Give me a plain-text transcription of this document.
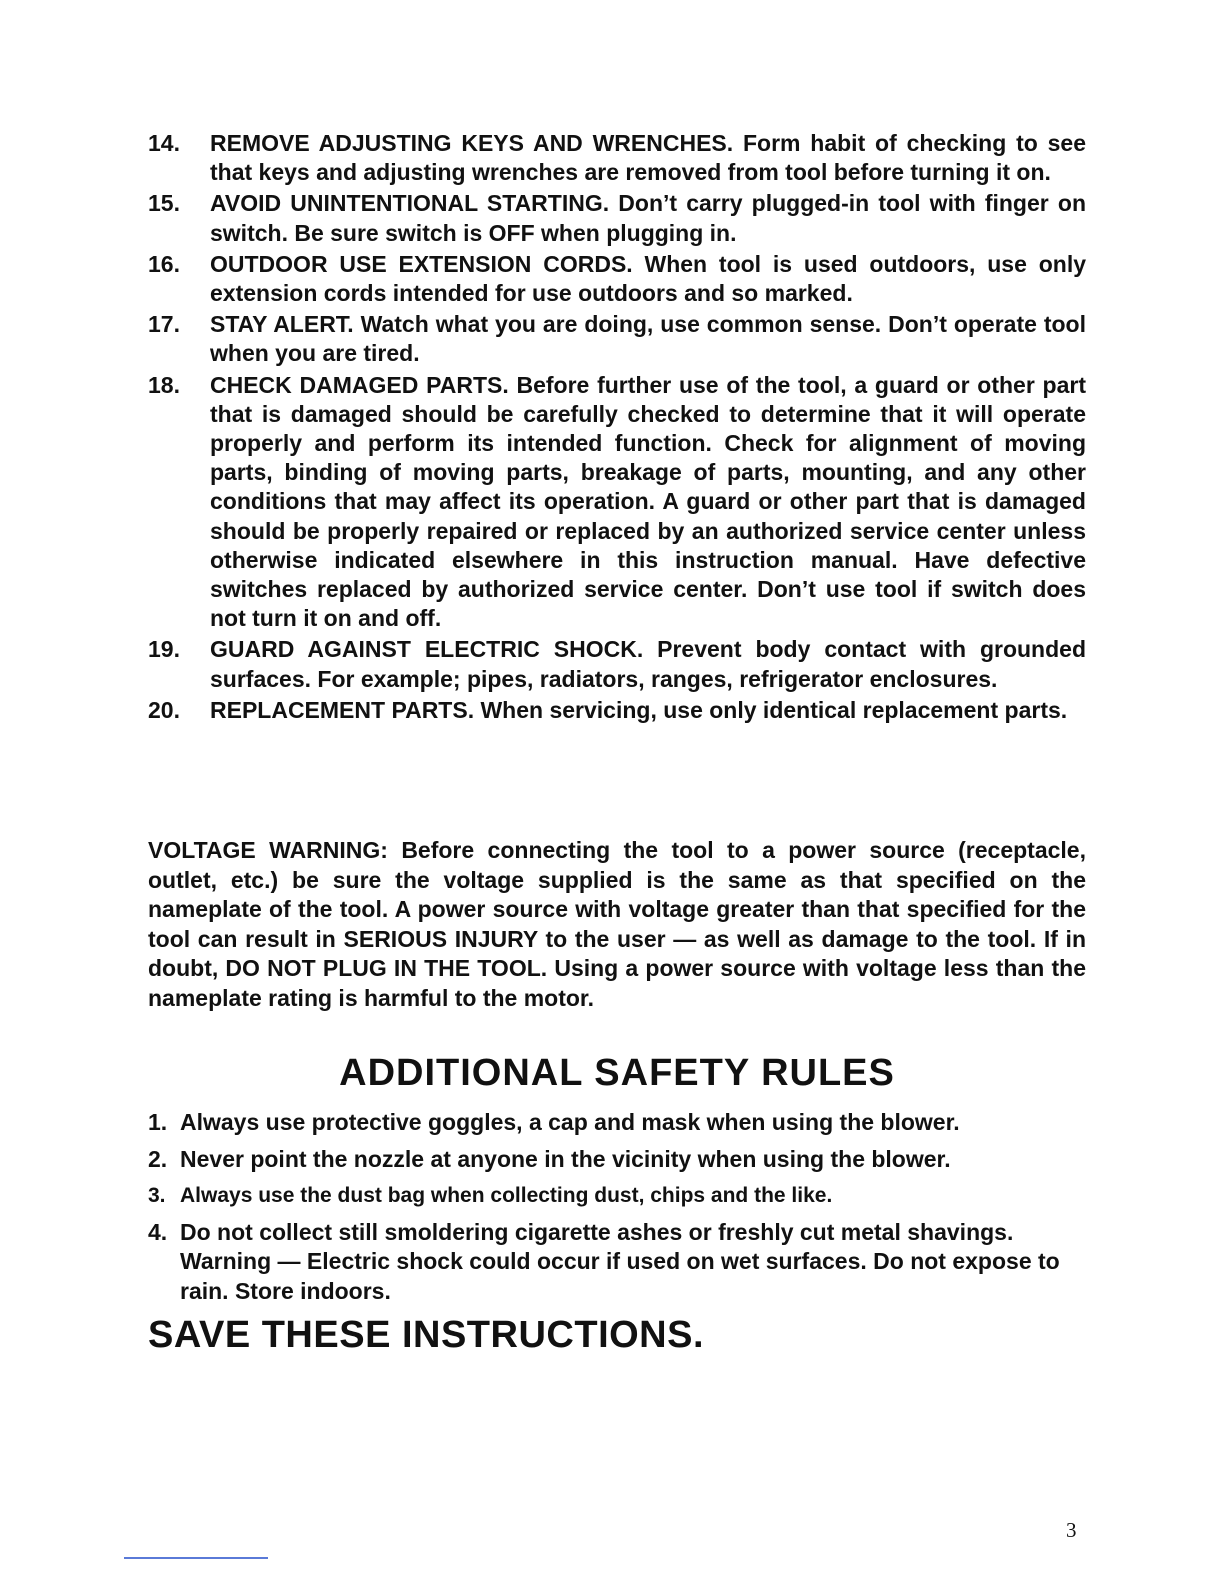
14.	REMOVE ADJUSTING KEYS AND WRENCHES. Form habit of checking to see that keys and adjusting wrenches are removed from tool before turning it on.
15.	AVOID UNINTENTIONAL STARTING. Don’t carry plugged-in tool with finger on switch. Be sure switch is OFF when plugging in.
16.	OUTDOOR USE EXTENSION CORDS. When tool is used outdoors, use only extension cords intended for use outdoors and so marked.
17.	STAY ALERT. Watch what you are doing, use common sense. Don’t operate tool when you are tired.
18.	CHECK DAMAGED PARTS. Before further use of the tool, a guard or other part that is damaged should be carefully checked to determine that it will operate properly and perform its intended function. Check for alignment of moving parts, binding of moving parts, breakage of parts, mounting, and any other conditions that may affect its operation. A guard or other part that is damaged should be properly repaired or replaced by an authorized service center unless otherwise indicated elsewhere in this instruction manual. Have defective switches replaced by authorized service center. Don’t use tool if switch does not turn it on and off.
19.	GUARD AGAINST ELECTRIC SHOCK. Prevent body contact with grounded surfaces. For example; pipes, radiators, ranges, refrigerator enclosures.
20.	REPLACEMENT PARTS. When servicing, use only identical replacement parts.

VOLTAGE WARNING: Before connecting the tool to a power source (receptacle, outlet, etc.) be sure the voltage supplied is the same as that specified on the nameplate of the tool. A power source with voltage greater than that specified for the tool can result in SERIOUS INJURY to the user — as well as damage to the tool. If in doubt, DO NOT PLUG IN THE TOOL. Using a power source with voltage less than the nameplate rating is harmful to the motor.

ADDITIONAL SAFETY RULES
1. Always use protective goggles, a cap and mask when using the blower.
2. Never point the nozzle at anyone in the vicinity when using the blower.
3. Always use the dust bag when collecting dust, chips and the like.
4. Do not collect still smoldering cigarette ashes or freshly cut metal shavings. Warning — Electric shock could occur if used on wet surfaces. Do not expose to rain. Store indoors.
SAVE THESE INSTRUCTIONS.
3
